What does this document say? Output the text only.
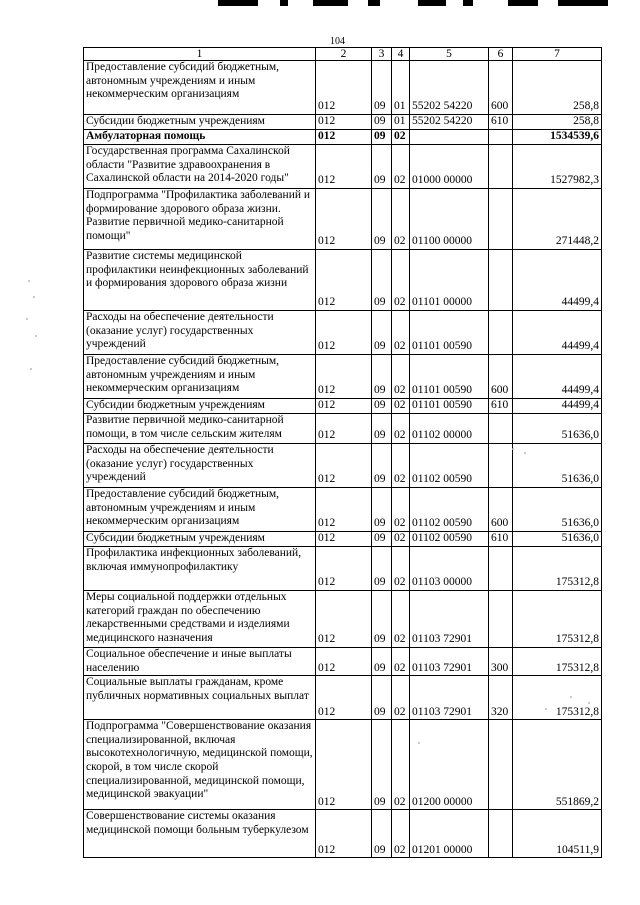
104
1	2	3	4	5	6	7
Предоставление субсидий бюджетным, автономным учреждениям и иным некоммерческим организациям	012	09	01	55202 54220	600	258,8
Субсидии бюджетным учреждениям	012	09	01	55202 54220	610	258,8
Амбулаторная помощь	012	09	02			1534539,6
Государственная программа Сахалинской области "Развитие здравоохранения в Сахалинской области на 2014-2020 годы"	012	09	02	01000 00000		1527982,3
Подпрограмма "Профилактика заболеваний и формирование здорового образа жизни. Развитие первичной медико-санитарной помощи"	012	09	02	01100 00000		271448,2
Развитие системы медицинской профилактики неинфекционных заболеваний и формирования здорового образа жизни	012	09	02	01101 00000		44499,4
Расходы на обеспечение деятельности (оказание услуг) государственных учреждений	012	09	02	01101 00590		44499,4
Предоставление субсидий бюджетным, автономным учреждениям и иным некоммерческим организациям	012	09	02	01101 00590	600	44499,4
Субсидии бюджетным учреждениям	012	09	02	01101 00590	610	44499,4
Развитие первичной медико-санитарной помощи, в том числе сельским жителям	012	09	02	01102 00000		51636,0
Расходы на обеспечение деятельности (оказание услуг) государственных учреждений	012	09	02	01102 00590		51636,0
Предоставление субсидий бюджетным, автономным учреждениям и иным некоммерческим организациям	012	09	02	01102 00590	600	51636,0
Субсидии бюджетным учреждениям	012	09	02	01102 00590	610	51636,0
Профилактика инфекционных заболеваний, включая иммунопрофилактику	012	09	02	01103 00000		175312,8
Меры социальной поддержки отдельных категорий граждан по обеспечению лекарственными средствами и изделиями медицинского назначения	012	09	02	01103 72901		175312,8
Социальное обеспечение и иные выплаты населению	012	09	02	01103 72901	300	175312,8
Социальные выплаты гражданам, кроме публичных нормативных социальных выплат	012	09	02	01103 72901	320	175312,8
Подпрограмма "Совершенствование оказания специализированной, включая высокотехнологичную, медицинской помощи, скорой, в том числе скорой специализированной, медицинской помощи, медицинской эвакуации"	012	09	02	01200 00000		551869,2
Совершенствование системы оказания медицинской помощи больным туберкулезом	012	09	02	01201 00000		104511,9
